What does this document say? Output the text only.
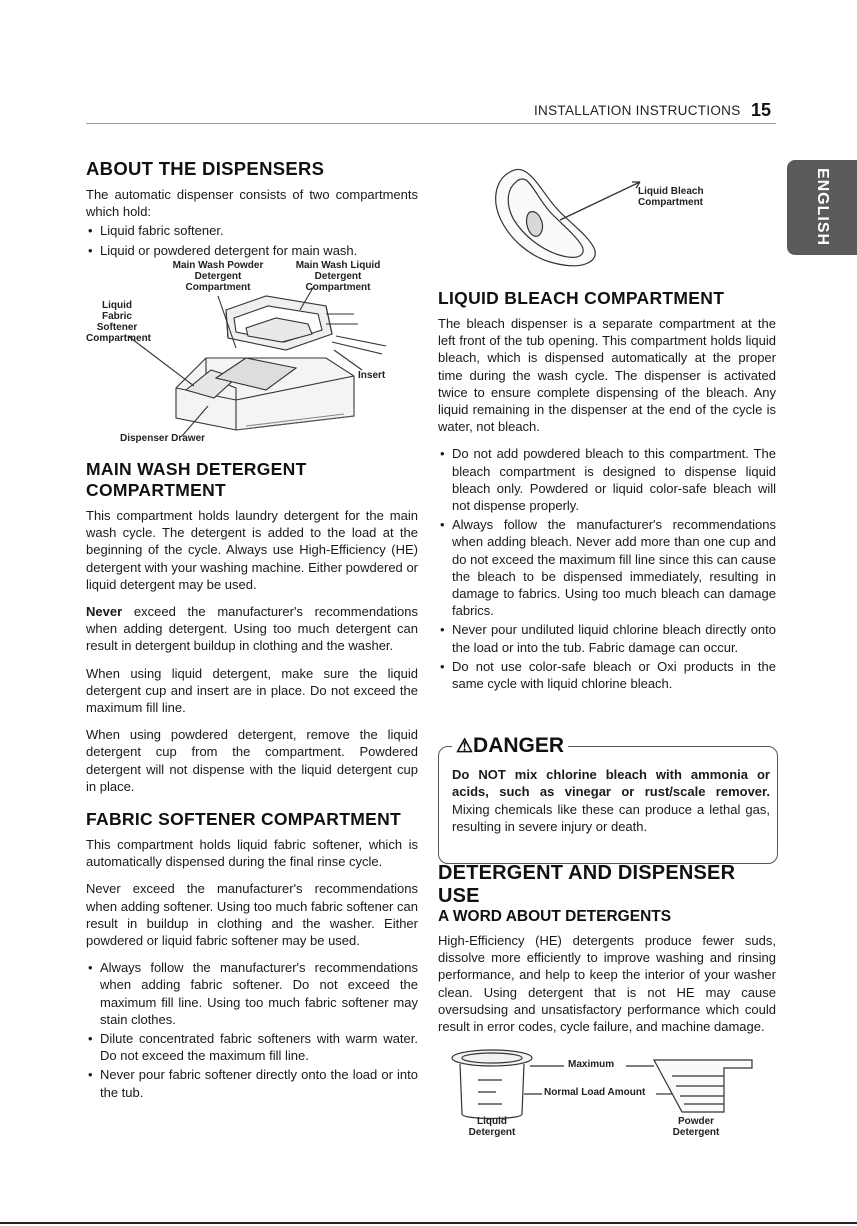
INSTALLATION INSTRUCTIONS 15
ENGLISH
ABOUT THE DISPENSERS

The automatic dispenser consists of two compartments which hold:

• Liquid fabric softener.
• Liquid or powdered detergent for main wash.
Main Wash Powder Detergent Compartment
Main Wash Liquid Detergent Compartment
Liquid Fabric Softener Compartment
Insert
Dispenser Drawer
MAIN WASH DETERGENT COMPARTMENT

This compartment holds laundry detergent for the main wash cycle. The detergent is added to the load at the beginning of the cycle. Always use High-Efficiency (HE) detergent with your washing machine. Either powdered or liquid detergent may be used.

Never exceed the manufacturer's recommendations when adding detergent. Using too much detergent can result in detergent buildup in clothing and the washer.

When using liquid detergent, make sure the liquid detergent cup and insert are in place. Do not exceed the maximum fill line.

When using powdered detergent, remove the liquid detergent cup from the compartment. Powdered detergent will not dispense with the liquid detergent cup in place.

FABRIC SOFTENER COMPARTMENT

This compartment holds liquid fabric softener, which is automatically dispensed during the final rinse cycle.

Never exceed the manufacturer's recommendations when adding softener. Using too much fabric softener can result in buildup in clothing and the washer. Either powdered or liquid fabric softener may be used.

• Always follow the manufacturer's recommendations when adding fabric softener. Do not exceed the maximum fill line. Using too much fabric softener may stain clothes.
• Dilute concentrated fabric softeners with warm water. Do not exceed the maximum fill line.
• Never pour fabric softener directly onto the load or into the tub.
Liquid Bleach Compartment
LIQUID BLEACH COMPARTMENT

The bleach dispenser is a separate compartment at the left front of the tub opening. This compartment holds liquid bleach, which is dispensed automatically at the proper time during the wash cycle. The dispenser is activated twice to ensure complete dispensing of the bleach. Any liquid remaining in the dispenser at the end of the cycle is water, not bleach.

• Do not add powdered bleach to this compartment. The bleach compartment is designed to dispense liquid bleach only. Powdered or liquid color-safe bleach will not dispense properly.
• Always follow the manufacturer's recommendations when adding bleach. Never add more than one cup and do not exceed the maximum fill line since this can cause the bleach to be dispensed immediately, resulting in damage to fabrics. Using too much bleach can damage fabrics.
• Never pour undiluted liquid chlorine bleach directly onto the load or into the tub. Fabric damage can occur.
• Do not use color-safe bleach or Oxi products in the same cycle with liquid chlorine bleach.
⚠DANGER
Do NOT mix chlorine bleach with ammonia or acids, such as vinegar or rust/scale remover. Mixing chemicals like these can produce a lethal gas, resulting in severe injury or death.
DETERGENT AND DISPENSER USE
A WORD ABOUT DETERGENTS

High-Efficiency (HE) detergents produce fewer suds, dissolve more efficiently to improve washing and rinsing performance, and help to keep the interior of your washer clean. Using detergent that is not HE may cause oversudsing and unsatisfactory performance which could result in error codes, cycle failure, and machine damage.

Maximum
Normal Load Amount
Liquid Detergent
Powder Detergent
